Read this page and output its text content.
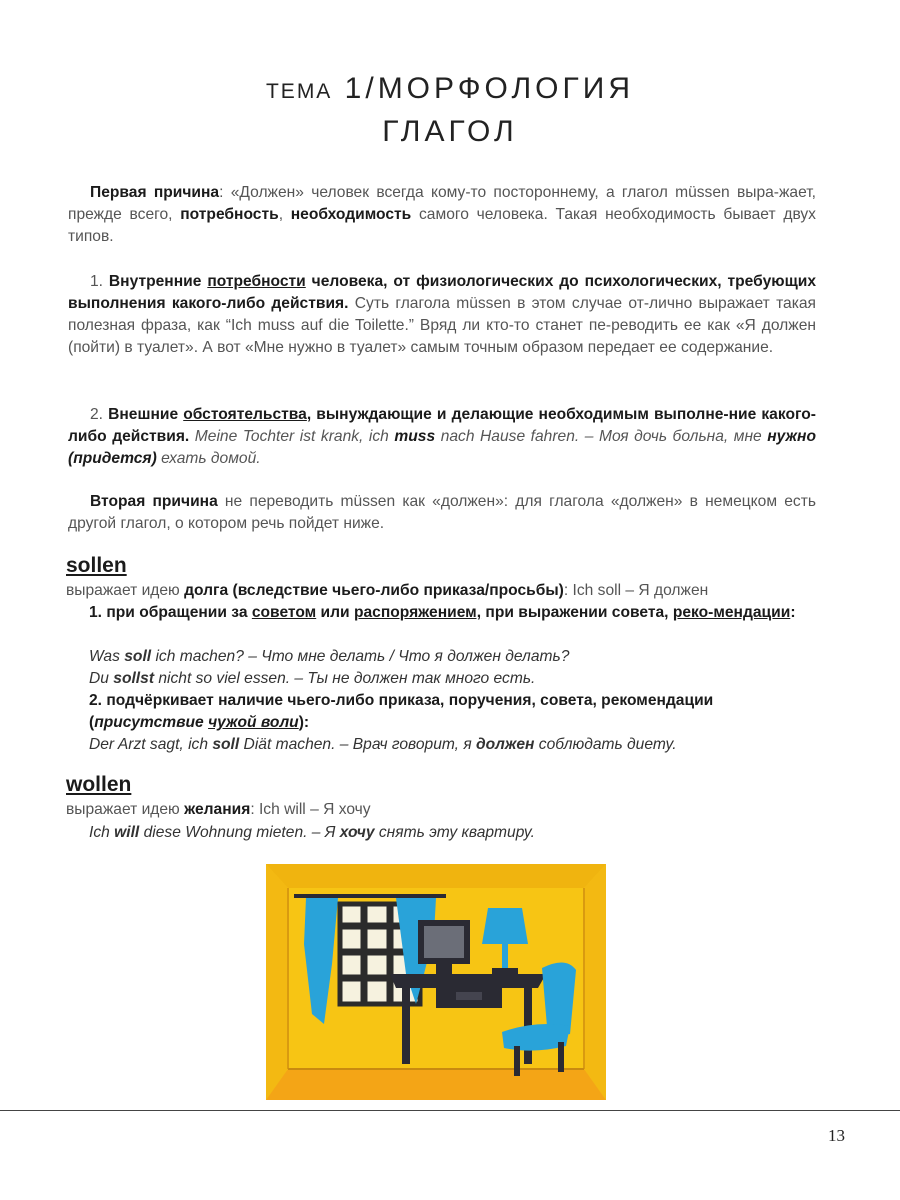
ТЕМА 1/МОРФОЛОГИЯ
ГЛАГОЛ
Первая причина: «Должен» человек всегда кому-то постороннему, а глагол müssen выра-жает, прежде всего, потребность, необходимость самого человека. Такая необходимость бывает двух типов.
1. Внутренние потребности человека, от физиологических до психологических, требующих выполнения какого-либо действия. Суть глагола müssen в этом случае от-лично выражает такая полезная фраза, как “Ich muss auf die Toilette.” Вряд ли кто-то станет пе-реводить ее как «Я должен (пойти) в туалет». А вот «Мне нужно в туалет» самым точным образом передает ее содержание.
2. Внешние обстоятельства, вынуждающие и делающие необходимым выполне-ние какого-либо действия. Meine Tochter ist krank, ich muss nach Hause fahren. – Моя дочь больна, мне нужно (придется) ехать домой.
Вторая причина не переводить müssen как «должен»: для глагола «должен» в немецком есть другой глагол, о котором речь пойдет ниже.
sollen
выражает идею долга (вследствие чьего-либо приказа/просьбы): Ich soll – Я должен
1. при обращении за советом или распоряжением, при выражении совета, реко-мендации:
Was soll ich machen? – Что мне делать / Что я должен делать?
Du sollst nicht so viel essen. – Ты не должен так много есть.
2. подчёркивает наличие чьего-либо приказа, поручения, совета, рекомендации
(присутствие чужой воли):
Der Arzt sagt, ich soll Diät machen. – Врач говорит, я должен соблюдать диету.
wollen
выражает идею желания: Ich will – Я хочу
Ich will diese Wohnung mieten. – Я хочу снять эту квартиру.
13
